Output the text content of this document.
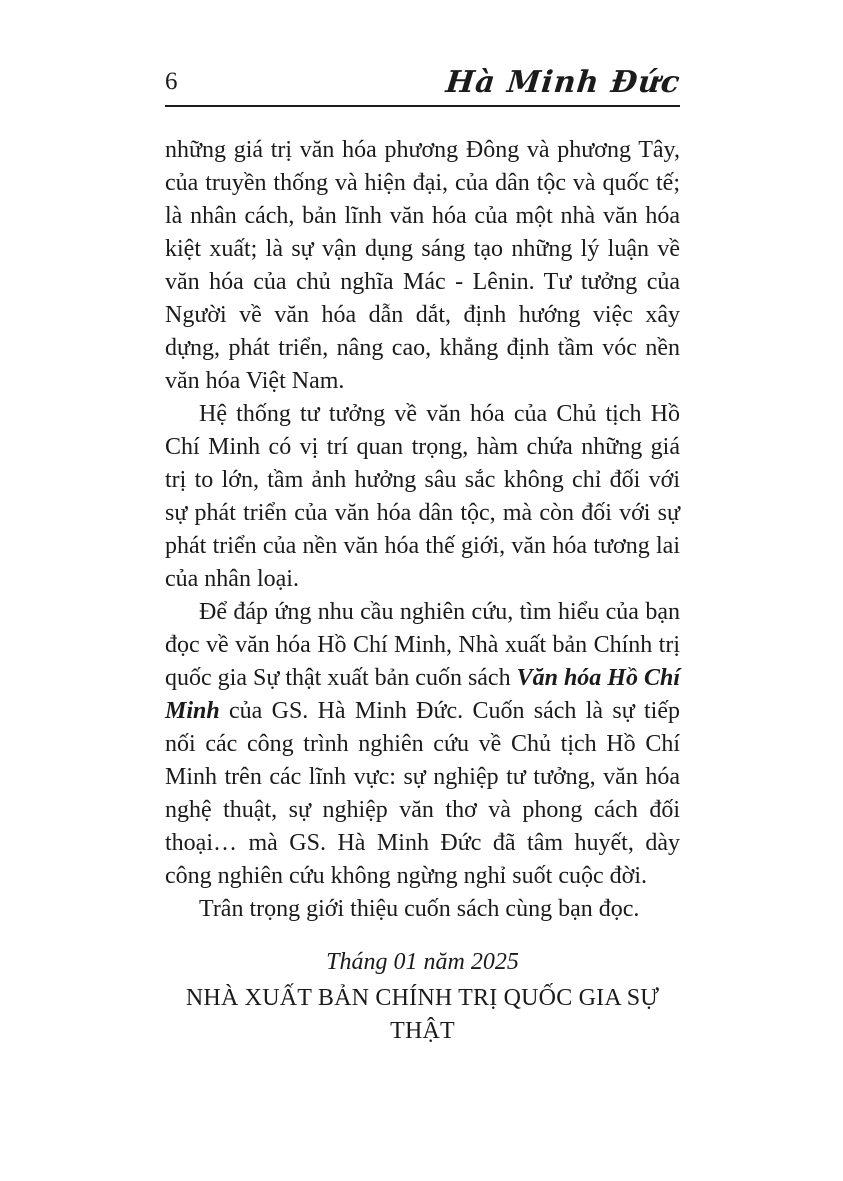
6	Hà Minh Đức

những giá trị văn hóa phương Đông và phương Tây, của truyền thống và hiện đại, của dân tộc và quốc tế; là nhân cách, bản lĩnh văn hóa của một nhà văn hóa kiệt xuất; là sự vận dụng sáng tạo những lý luận về văn hóa của chủ nghĩa Mác - Lênin. Tư tưởng của Người về văn hóa dẫn dắt, định hướng việc xây dựng, phát triển, nâng cao, khẳng định tầm vóc nền văn hóa Việt Nam.

Hệ thống tư tưởng về văn hóa của Chủ tịch Hồ Chí Minh có vị trí quan trọng, hàm chứa những giá trị to lớn, tầm ảnh hưởng sâu sắc không chỉ đối với sự phát triển của văn hóa dân tộc, mà còn đối với sự phát triển của nền văn hóa thế giới, văn hóa tương lai của nhân loại.

Để đáp ứng nhu cầu nghiên cứu, tìm hiểu của bạn đọc về văn hóa Hồ Chí Minh, Nhà xuất bản Chính trị quốc gia Sự thật xuất bản cuốn sách Văn hóa Hồ Chí Minh của GS. Hà Minh Đức. Cuốn sách là sự tiếp nối các công trình nghiên cứu về Chủ tịch Hồ Chí Minh trên các lĩnh vực: sự nghiệp tư tưởng, văn hóa nghệ thuật, sự nghiệp văn thơ và phong cách đối thoại… mà GS. Hà Minh Đức đã tâm huyết, dày công nghiên cứu không ngừng nghỉ suốt cuộc đời.

Trân trọng giới thiệu cuốn sách cùng bạn đọc.

Tháng 01 năm 2025

NHÀ XUẤT BẢN CHÍNH TRỊ QUỐC GIA SỰ THẬT
